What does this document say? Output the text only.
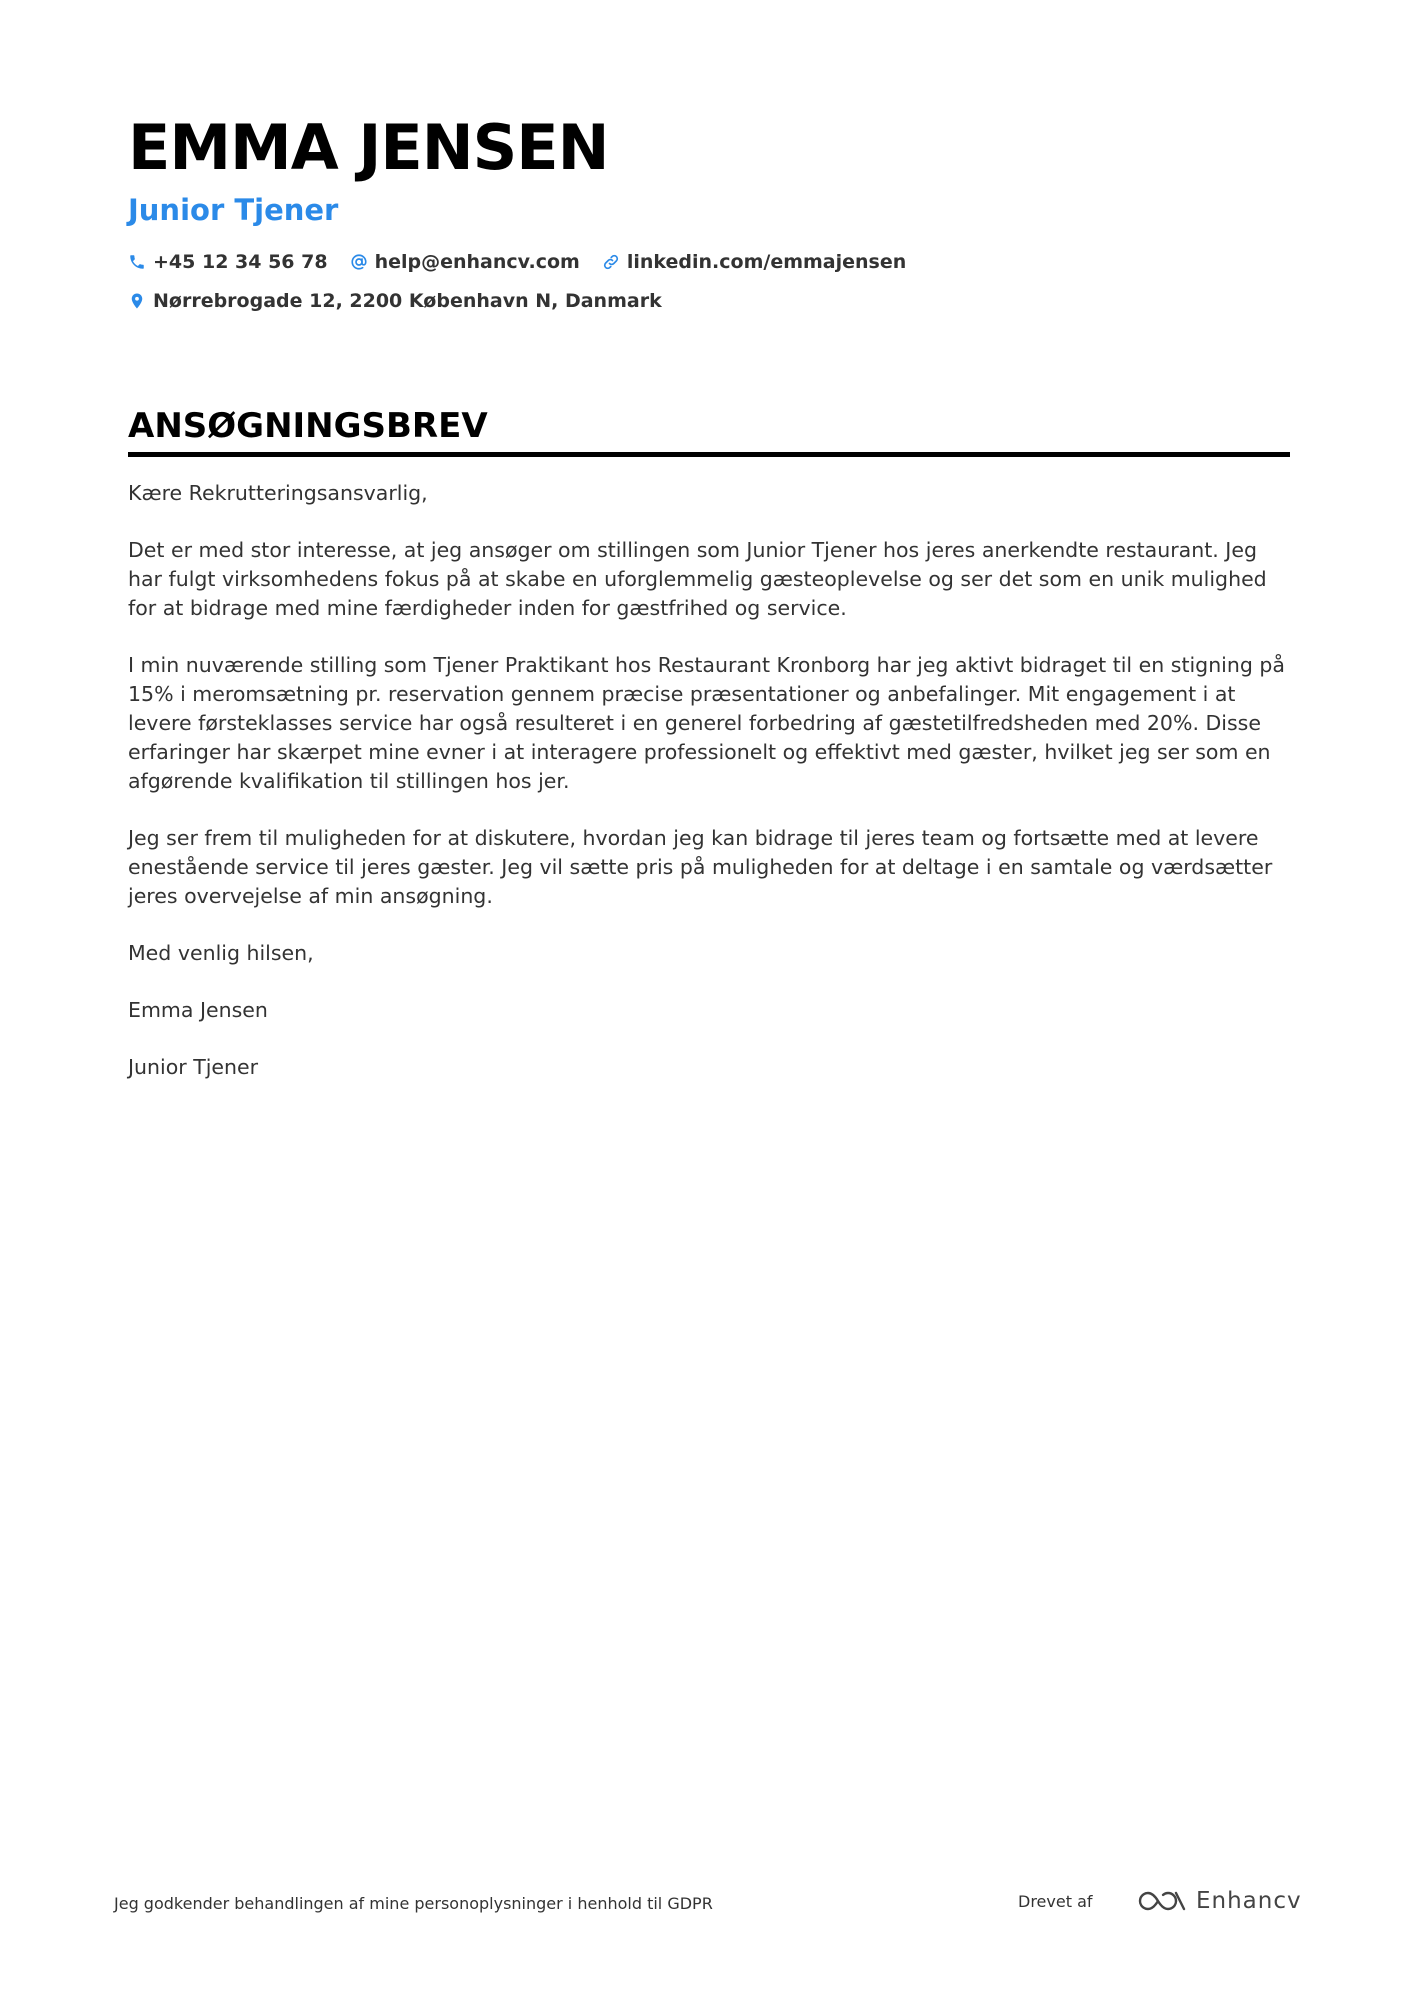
EMMA JENSEN
Junior Tjener
+45 12 34 56 78 help@enhancv.com linkedin.com/emmajensen
Nørrebrogade 12, 2200 København N, Danmark
ANSØGNINGSBREV

Kære Rekrutteringsansvarlig,

Det er med stor interesse, at jeg ansøger om stillingen som Junior Tjener hos jeres anerkendte restaurant. Jeg har fulgt virksomhedens fokus på at skabe en uforglemmelig gæsteoplevelse og ser det som en unik mulighed for at bidrage med mine færdigheder inden for gæstfrihed og service.

I min nuværende stilling som Tjener Praktikant hos Restaurant Kronborg har jeg aktivt bidraget til en stigning på 15% i meromsætning pr. reservation gennem præcise præsentationer og anbefalinger. Mit engagement i at levere førsteklasses service har også resulteret i en generel forbedring af gæstetilfredsheden med 20%. Disse erfaringer har skærpet mine evner i at interagere professionelt og effektivt med gæster, hvilket jeg ser som en afgørende kvalifikation til stillingen hos jer.

Jeg ser frem til muligheden for at diskutere, hvordan jeg kan bidrage til jeres team og fortsætte med at levere enestående service til jeres gæster. Jeg vil sætte pris på muligheden for at deltage i en samtale og værdsætter jeres overvejelse af min ansøgning.

Med venlig hilsen,

Emma Jensen

Junior Tjener

Jeg godkender behandlingen af mine personoplysninger i henhold til GDPR	Drevet af	Enhancv
